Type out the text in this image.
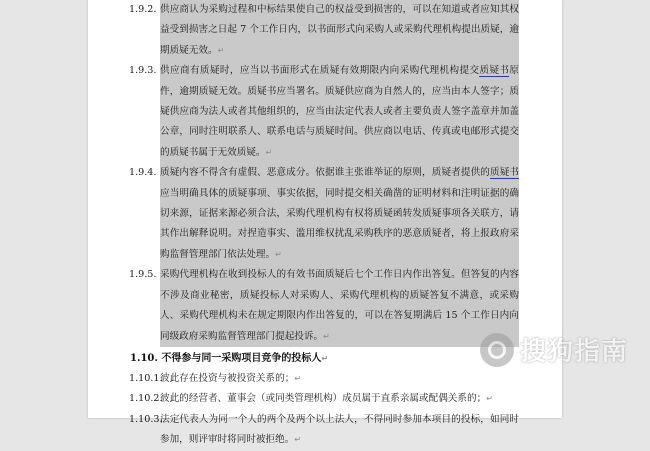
1.9.2. 供应商认为采购过程和中标结果使自己的权益受到损害的，可以在知道或者应知其权益受到损害之日起 7 个工作日内，以书面形式向采购人或采购代理机构提出质疑，逾期质疑无效。↵
1.9.3. 供应商有质疑时，应当以书面形式在质疑有效期限内向采购代理机构提交质疑书原件，逾期质疑无效。质疑书应当署名。质疑供应商为自然人的，应当由本人签字；质疑供应商为法人或者其他组织的，应当由法定代表人或者主要负责人签字盖章并加盖公章，同时注明联系人、联系电话与质疑时间。供应商以电话、传真或电邮形式提交的质疑书属于无效质疑。↵
1.9.4. 质疑内容不得含有虚假、恶意成分。依据谁主张谁举证的原则，质疑者提供的质疑书应当明确具体的质疑事项、事实依据，同时提交相关确凿的证明材料和注明证据的确切来源，证据来源必须合法，采购代理机构有权将质疑函转发质疑事项各关联方，请其作出解释说明。对捏造事实、滥用维权扰乱采购秩序的恶意质疑者，将上报政府采购监督管理部门依法处理。↵
1.9.5. 采购代理机构在收到投标人的有效书面质疑后七个工作日内作出答复。但答复的内容不涉及商业秘密，质疑投标人对采购人、采购代理机构的质疑答复不满意，或采购人、采购代理机构未在规定期限内作出答复的，可以在答复期满后 15 个工作日内向同级政府采购监督管理部门提起投诉。↵
1.10. 不得参与同一采购项目竞争的投标人↵
1.10.1.
彼此存在投资与被投资关系的；↵
1.10.2.
彼此的经营者、董事会（或同类管理机构）成员属于直系亲属或配偶关系的；↵
1.10.3.
法定代表人为同一个人的两个及两个以上法人，不得同时参加本项目的投标，如同时参加，则评审时将同时被拒绝。↵
搜狗指南
